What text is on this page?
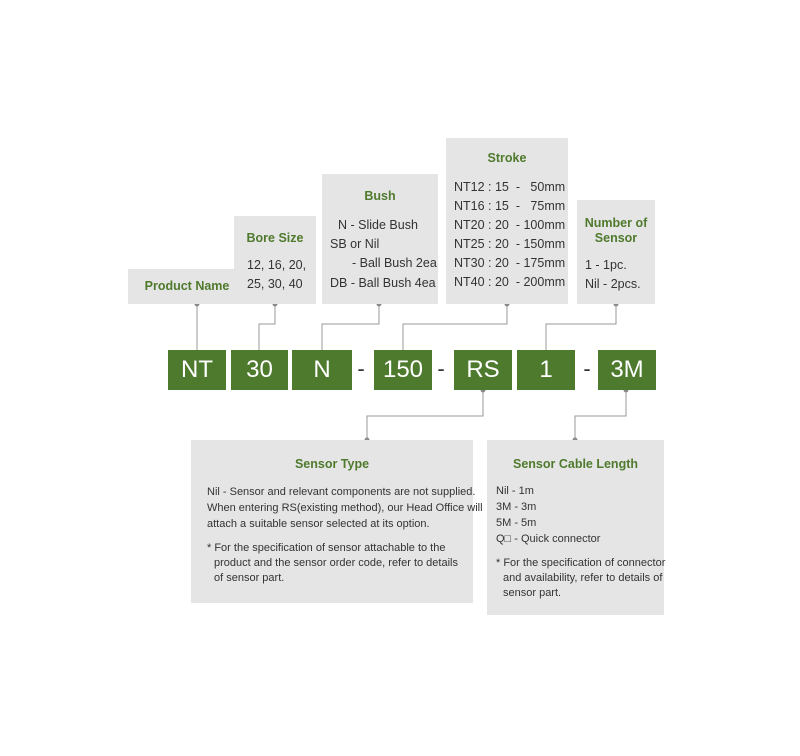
Product Name
Bore Size
12, 16, 20,
25, 30, 40
Bush
N - Slide Bush
SB or Nil
- Ball Bush 2ea
DB - Ball Bush 4ea
Stroke
NT12 : 15  -   50mm
NT16 : 15  -   75mm
NT20 : 20  - 100mm
NT25 : 20  - 150mm
NT30 : 20  - 175mm
NT40 : 20  - 200mm
Number of
Sensor
1 - 1pc.
Nil - 2pcs.
NT	30	N	- 150 - RS	1	- 3M
Sensor Type
Nil - Sensor and relevant components are not supplied.
When entering RS(existing method), our Head Office will
attach a suitable sensor selected at its option.
* For the specification of sensor attachable to the
product and the sensor order code, refer to details
of sensor part.
Sensor Cable Length
Nil - 1m
3M - 3m
5M - 5m
Q□ - Quick connector
* For the specification of connector
and availability, refer to details of
sensor part.
